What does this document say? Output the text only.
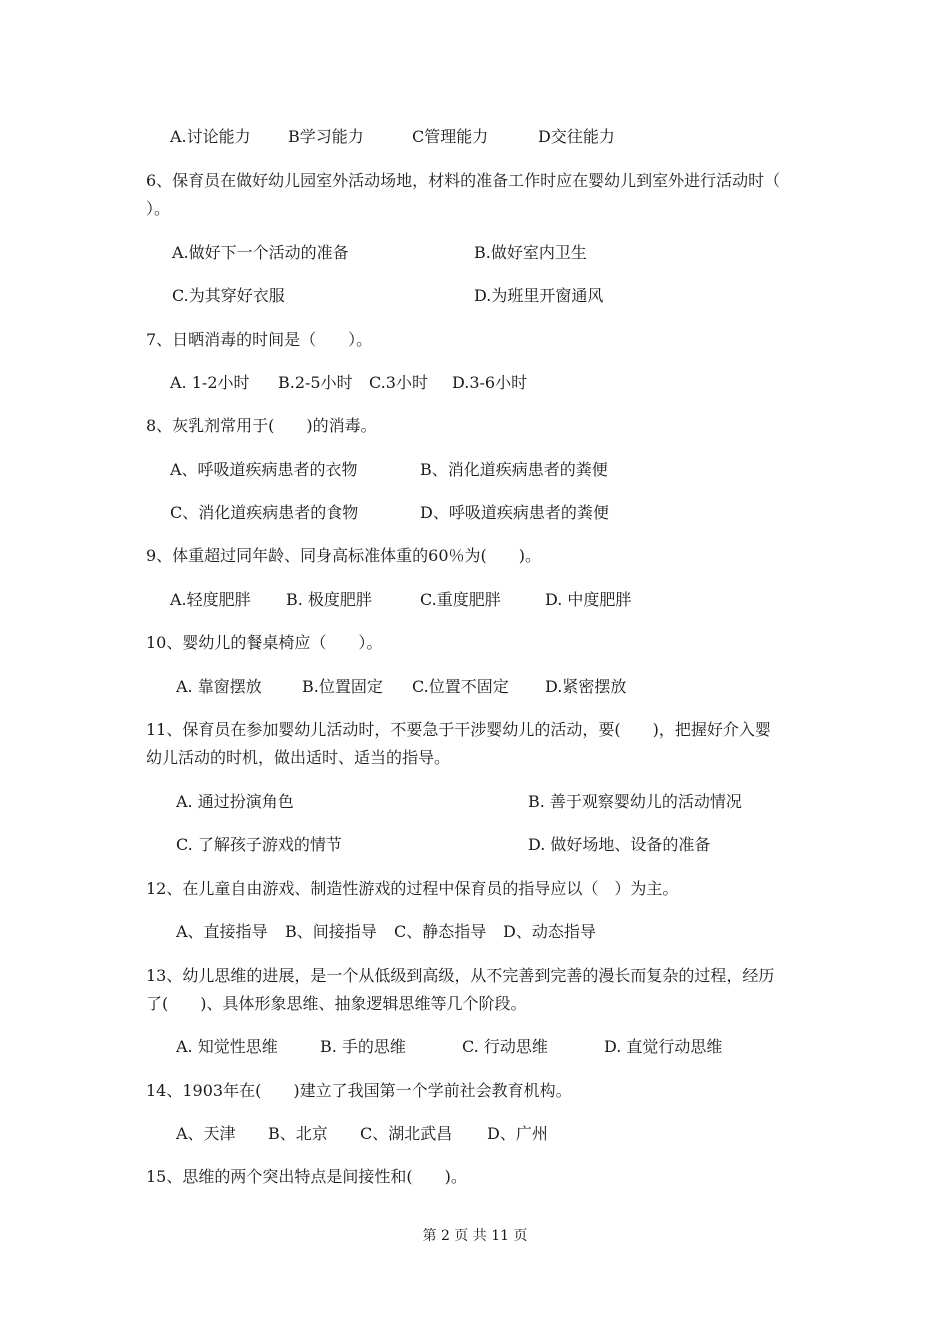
A.讨论能力 B学习能力	C管理能力	D交往能力
6、保育员在做好幼儿园室外活动场地，材料的准备工作时应在婴幼儿到室外进行活动时（
）。
A.做好下一个活动的准备	B.做好室内卫生
C.为其穿好衣服	D.为班里开窗通风
7、日晒消毒的时间是（　　）。
A. 1-2小时 B.2-5小时 C.3小时 D.3-6小时
8、灰乳剂常用于(　　)的消毒。
A、呼吸道疾病患者的衣物	B、消化道疾病患者的粪便
C、消化道疾病患者的食物	D、呼吸道疾病患者的粪便
9、体重超过同年龄、同身高标准体重的60％为(　　)。
A.轻度肥胖 B. 极度肥胖	C.重度肥胖	D. 中度肥胖
10、婴幼儿的餐桌椅应（　　）。
A. 靠窗摆放	B.位置固定 C.位置不固定 D.紧密摆放
11、保育员在参加婴幼儿活动时，不要急于干涉婴幼儿的活动，要(　　)，把握好介入婴
幼儿活动的时机，做出适时、适当的指导。
A. 通过扮演角色	B. 善于观察婴幼儿的活动情况
C. 了解孩子游戏的情节	D. 做好场地、设备的准备
12、在儿童自由游戏、制造性游戏的过程中保育员的指导应以（　）为主。
A、直接指导 B、间接指导 C、静态指导 D、动态指导
13、幼儿思维的进展，是一个从低级到高级，从不完善到完善的漫长而复杂的过程，经历
了(　　)、具体形象思维、抽象逻辑思维等几个阶段。
A. 知觉性思维	B. 手的思维	C. 行动思维	D. 直觉行动思维
14、1903年在(　　)建立了我国第一个学前社会教育机构。
A、天津 B、北京 C、湖北武昌 D、广州
15、思维的两个突出特点是间接性和(　　)。
第 2 页 共 11 页
